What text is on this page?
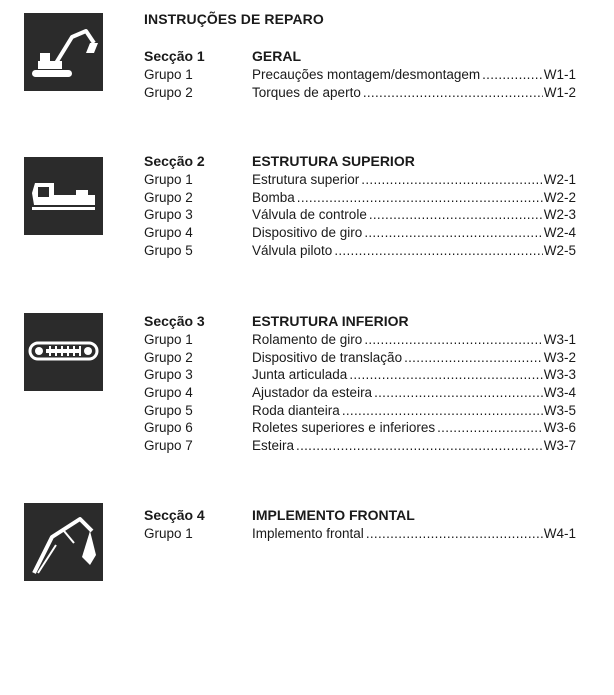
INSTRUÇÕES DE REPARO
Secção 1	GERAL
Grupo 1	Precauções montagem/desmontagem .....	W1-1
Grupo 2	Torques de aperto .....	W1-2
Secção 2	ESTRUTURA SUPERIOR
Grupo 1	Estrutura superior .....	W2-1
Grupo 2	Bomba .....	W2-2
Grupo 3	Válvula de controle .....	W2-3
Grupo 4	Dispositivo de giro .....	W2-4
Grupo 5	Válvula piloto .....	W2-5
Secção 3	ESTRUTURA INFERIOR
Grupo 1	Rolamento de giro .....	W3-1
Grupo 2	Dispositivo de translação .....	W3-2
Grupo 3	Junta articulada .....	W3-3
Grupo 4	Ajustador da esteira .....	W3-4
Grupo 5	Roda dianteira .....	W3-5
Grupo 6	Roletes superiores e inferiores .....	W3-6
Grupo 7	Esteira .....	W3-7
Secção 4	IMPLEMENTO FRONTAL
Grupo 1	Implemento frontal .....	W4-1
